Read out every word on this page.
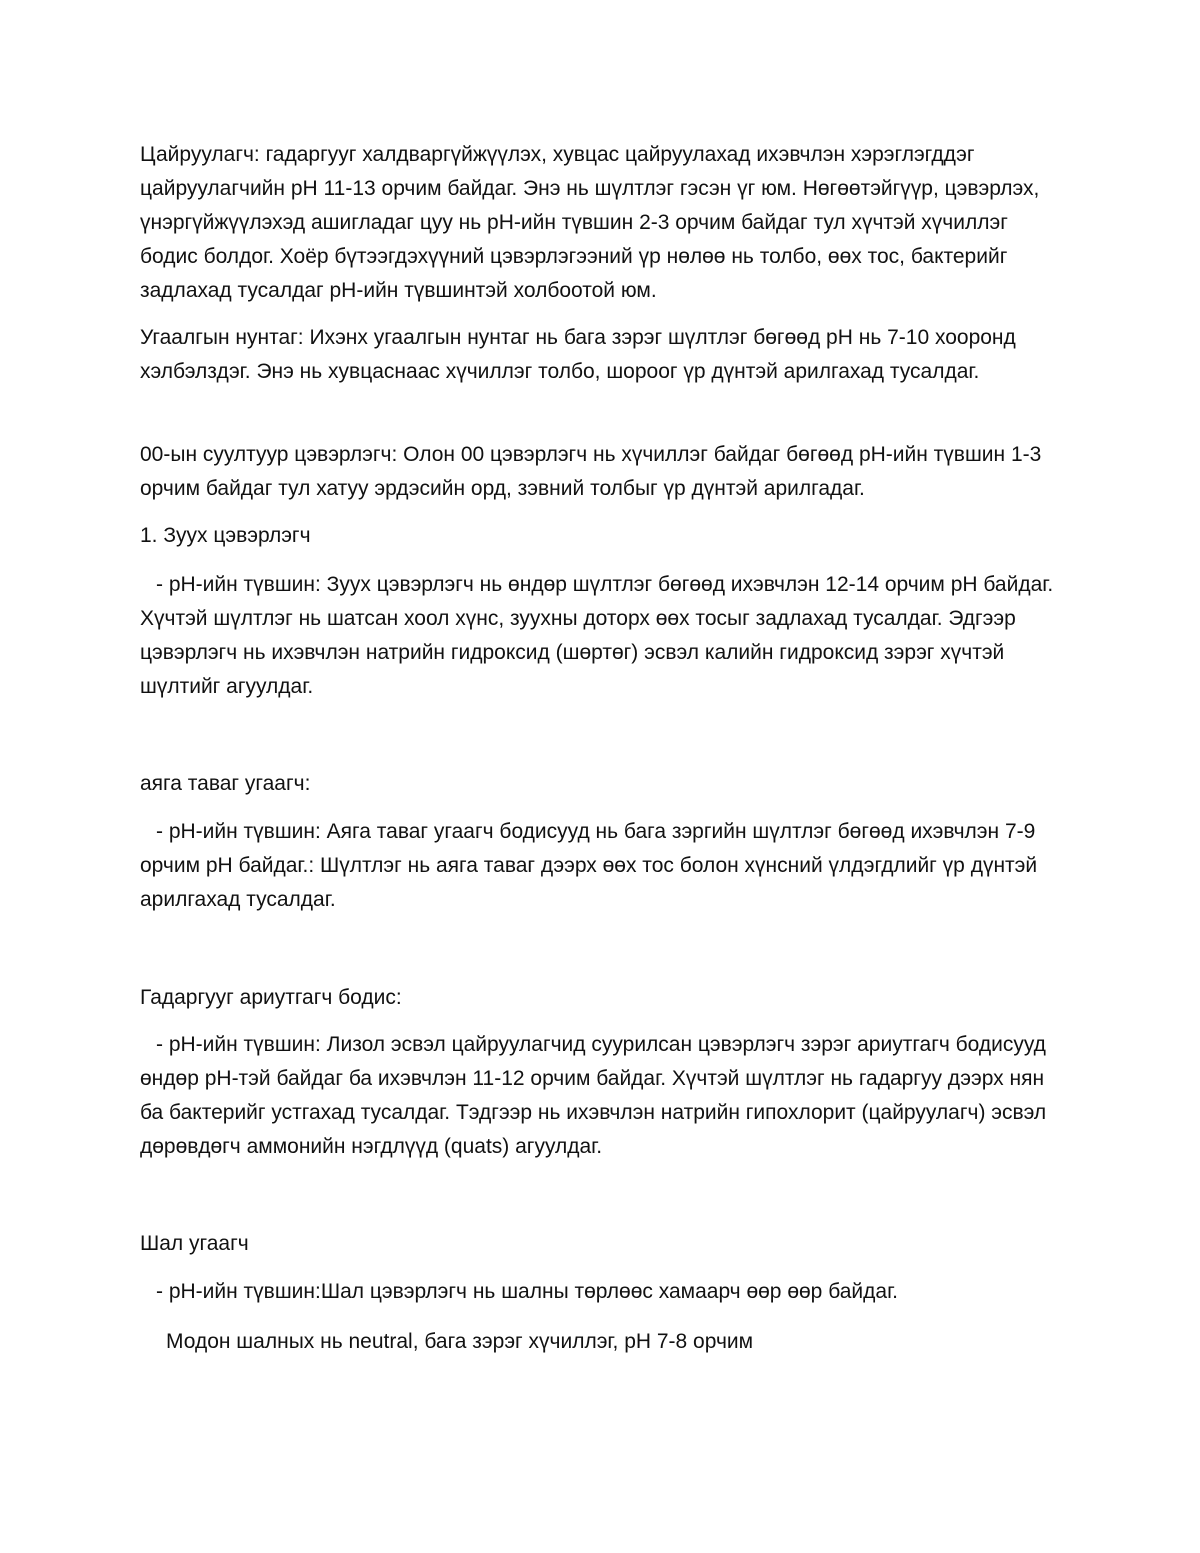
Цайруулагч: гадаргууг халдваргүйжүүлэх, хувцас цайруулахад ихэвчлэн хэрэглэгддэг цайруулагчийн pH 11-13 орчим байдаг. Энэ нь шүлтлэг гэсэн үг юм. Нөгөөтэйгүүр, цэвэрлэх, үнэргүйжүүлэхэд ашигладаг цуу нь pH-ийн түвшин 2-3 орчим байдаг тул хүчтэй хүчиллэг бодис болдог. Хоёр бүтээгдэхүүний цэвэрлэгээний үр нөлөө нь толбо, өөх тос, бактерийг задлахад тусалдаг pH-ийн түвшинтэй холбоотой юм.

Угаалгын нунтаг: Ихэнх угаалгын нунтаг нь бага зэрэг шүлтлэг бөгөөд pH нь 7-10 хооронд хэлбэлздэг. Энэ нь хувцаснаас хүчиллэг толбо, шороог үр дүнтэй арилгахад тусалдаг.

00-ын суултуур цэвэрлэгч: Олон 00 цэвэрлэгч нь хүчиллэг байдаг бөгөөд pH-ийн түвшин 1-3 орчим байдаг тул хатуу эрдэсийн орд, зэвний толбыг үр дүнтэй арилгадаг.

1. Зуух цэвэрлэгч

- pH-ийн түвшин: Зуух цэвэрлэгч нь өндөр шүлтлэг бөгөөд ихэвчлэн 12-14 орчим pH байдаг. Хүчтэй шүлтлэг нь шатсан хоол хүнс, зуухны доторх өөх тосыг задлахад тусалдаг. Эдгээр цэвэрлэгч нь ихэвчлэн натрийн гидроксид (шөртөг) эсвэл калийн гидроксид зэрэг хүчтэй шүлтийг агуулдаг.

аяга таваг угаагч:

- pH-ийн түвшин: Аяга таваг угаагч бодисууд нь бага зэргийн шүлтлэг бөгөөд ихэвчлэн 7-9 орчим pH байдаг.: Шүлтлэг нь аяга таваг дээрх өөх тос болон хүнсний үлдэгдлийг үр дүнтэй арилгахад тусалдаг.

Гадаргууг ариутгагч бодис:

- pH-ийн түвшин: Лизол эсвэл цайруулагчид суурилсан цэвэрлэгч зэрэг ариутгагч бодисууд өндөр pH-тэй байдаг ба ихэвчлэн 11-12 орчим байдаг. Хүчтэй шүлтлэг нь гадаргуу дээрх нян ба бактерийг устгахад тусалдаг. Тэдгээр нь ихэвчлэн натрийн гипохлорит (цайруулагч) эсвэл дөрөвдөгч аммонийн нэгдлүүд (quats) агуулдаг.

Шал угаагч

- pH-ийн түвшин:Шал цэвэрлэгч нь шалны төрлөөс хамаарч өөр өөр байдаг.

Модон шалных нь neutral, бага зэрэг хүчиллэг, pH 7-8 орчим
